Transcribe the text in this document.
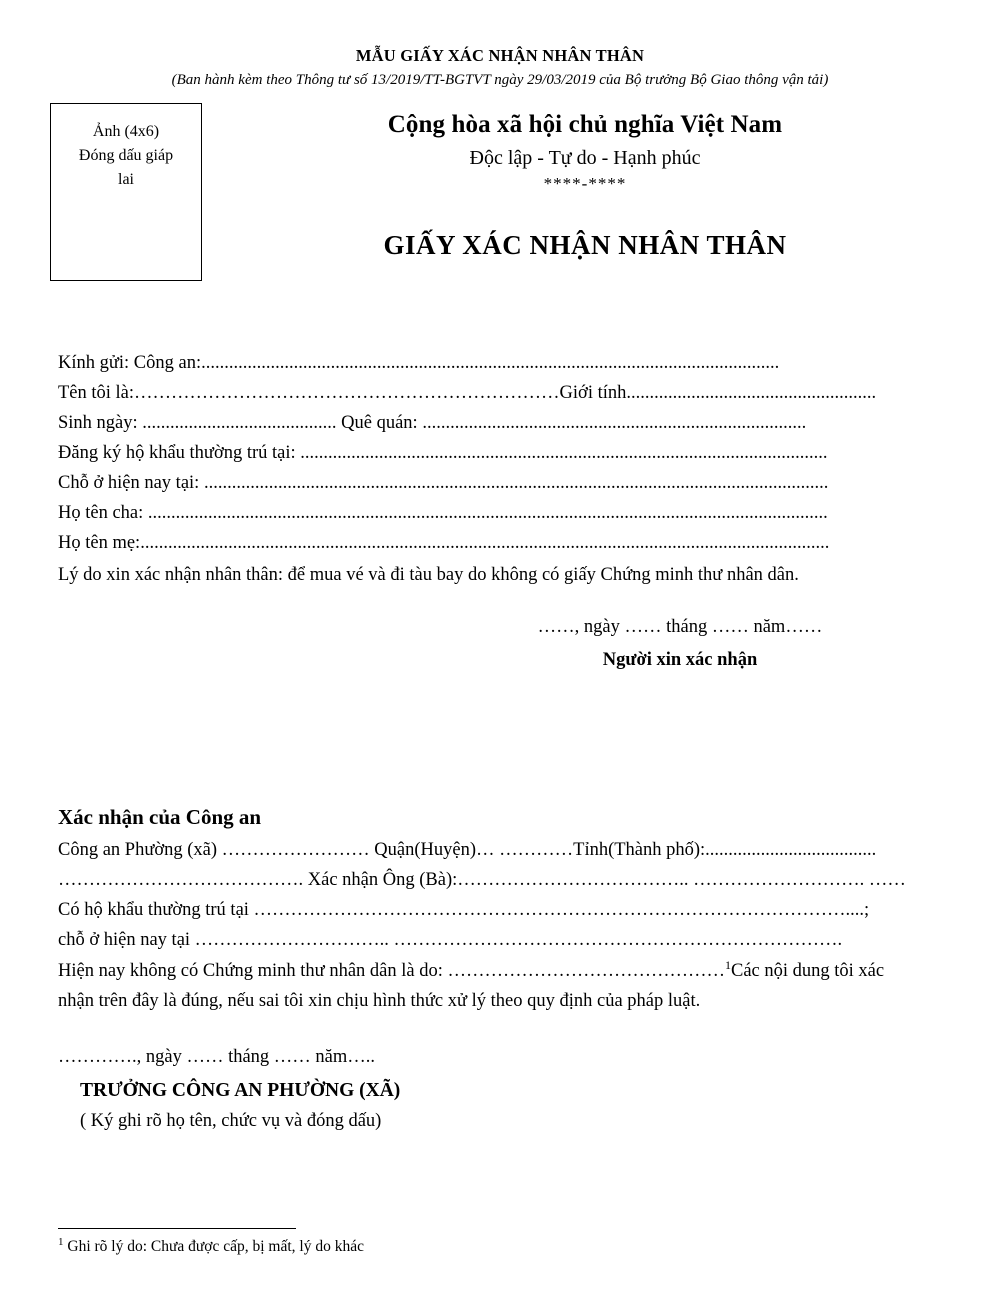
MẪU GIẤY XÁC NHẬN NHÂN THÂN
(Ban hành kèm theo Thông tư số 13/2019/TT-BGTVT ngày 29/03/2019 của Bộ trưởng Bộ Giao thông vận tải)
Ảnh (4x6)
Đóng dấu giáp
lai
Cộng hòa xã hội chủ nghĩa Việt Nam
Độc lập - Tự do - Hạnh phúc
****-****
GIẤY XÁC NHẬN NHÂN THÂN
Kính gửi: Công an:.............................................................................................................................
Tên tôi là:……………………………………………………………Giới tính......................................................
Sinh ngày: .......................................... Quê quán: ...................................................................................
Đăng ký hộ khẩu thường trú tại: ..................................................................................................................
Chỗ ở hiện nay tại: .......................................................................................................................................
Họ tên cha: ...................................................................................................................................................
Họ tên mẹ:.....................................................................................................................................................
Lý do xin xác nhận nhân thân: để mua vé và đi tàu bay do không có giấy Chứng minh thư nhân dân.
……, ngày …… tháng …… năm……
Người xin xác nhận
Xác nhận của Công an
Công an Phường (xã) …………………… Quận(Huyện)… …………Tỉnh(Thành phố):.....................................
…………………………………. Xác nhận Ông (Bà):……………………………….. ………………………. ……
Có hộ khẩu thường trú tại ……………………………………………………………………………………....;
chỗ ở hiện nay tại ………………………….. ……………………………………………………………….
Hiện nay không có Chứng minh thư nhân dân là do: ………………………………………$^1$Các nội dung tôi xác
nhận trên đây là đúng, nếu sai tôi xin chịu hình thức xử lý theo quy định của pháp luật.
…………., ngày …… tháng …… năm…..
TRƯỞNG CÔNG AN PHƯỜNG (XÃ)
( Ký ghi rõ họ tên, chức vụ và đóng dấu)
$^1$ Ghi rõ lý do: Chưa được cấp, bị mất, lý do khác
